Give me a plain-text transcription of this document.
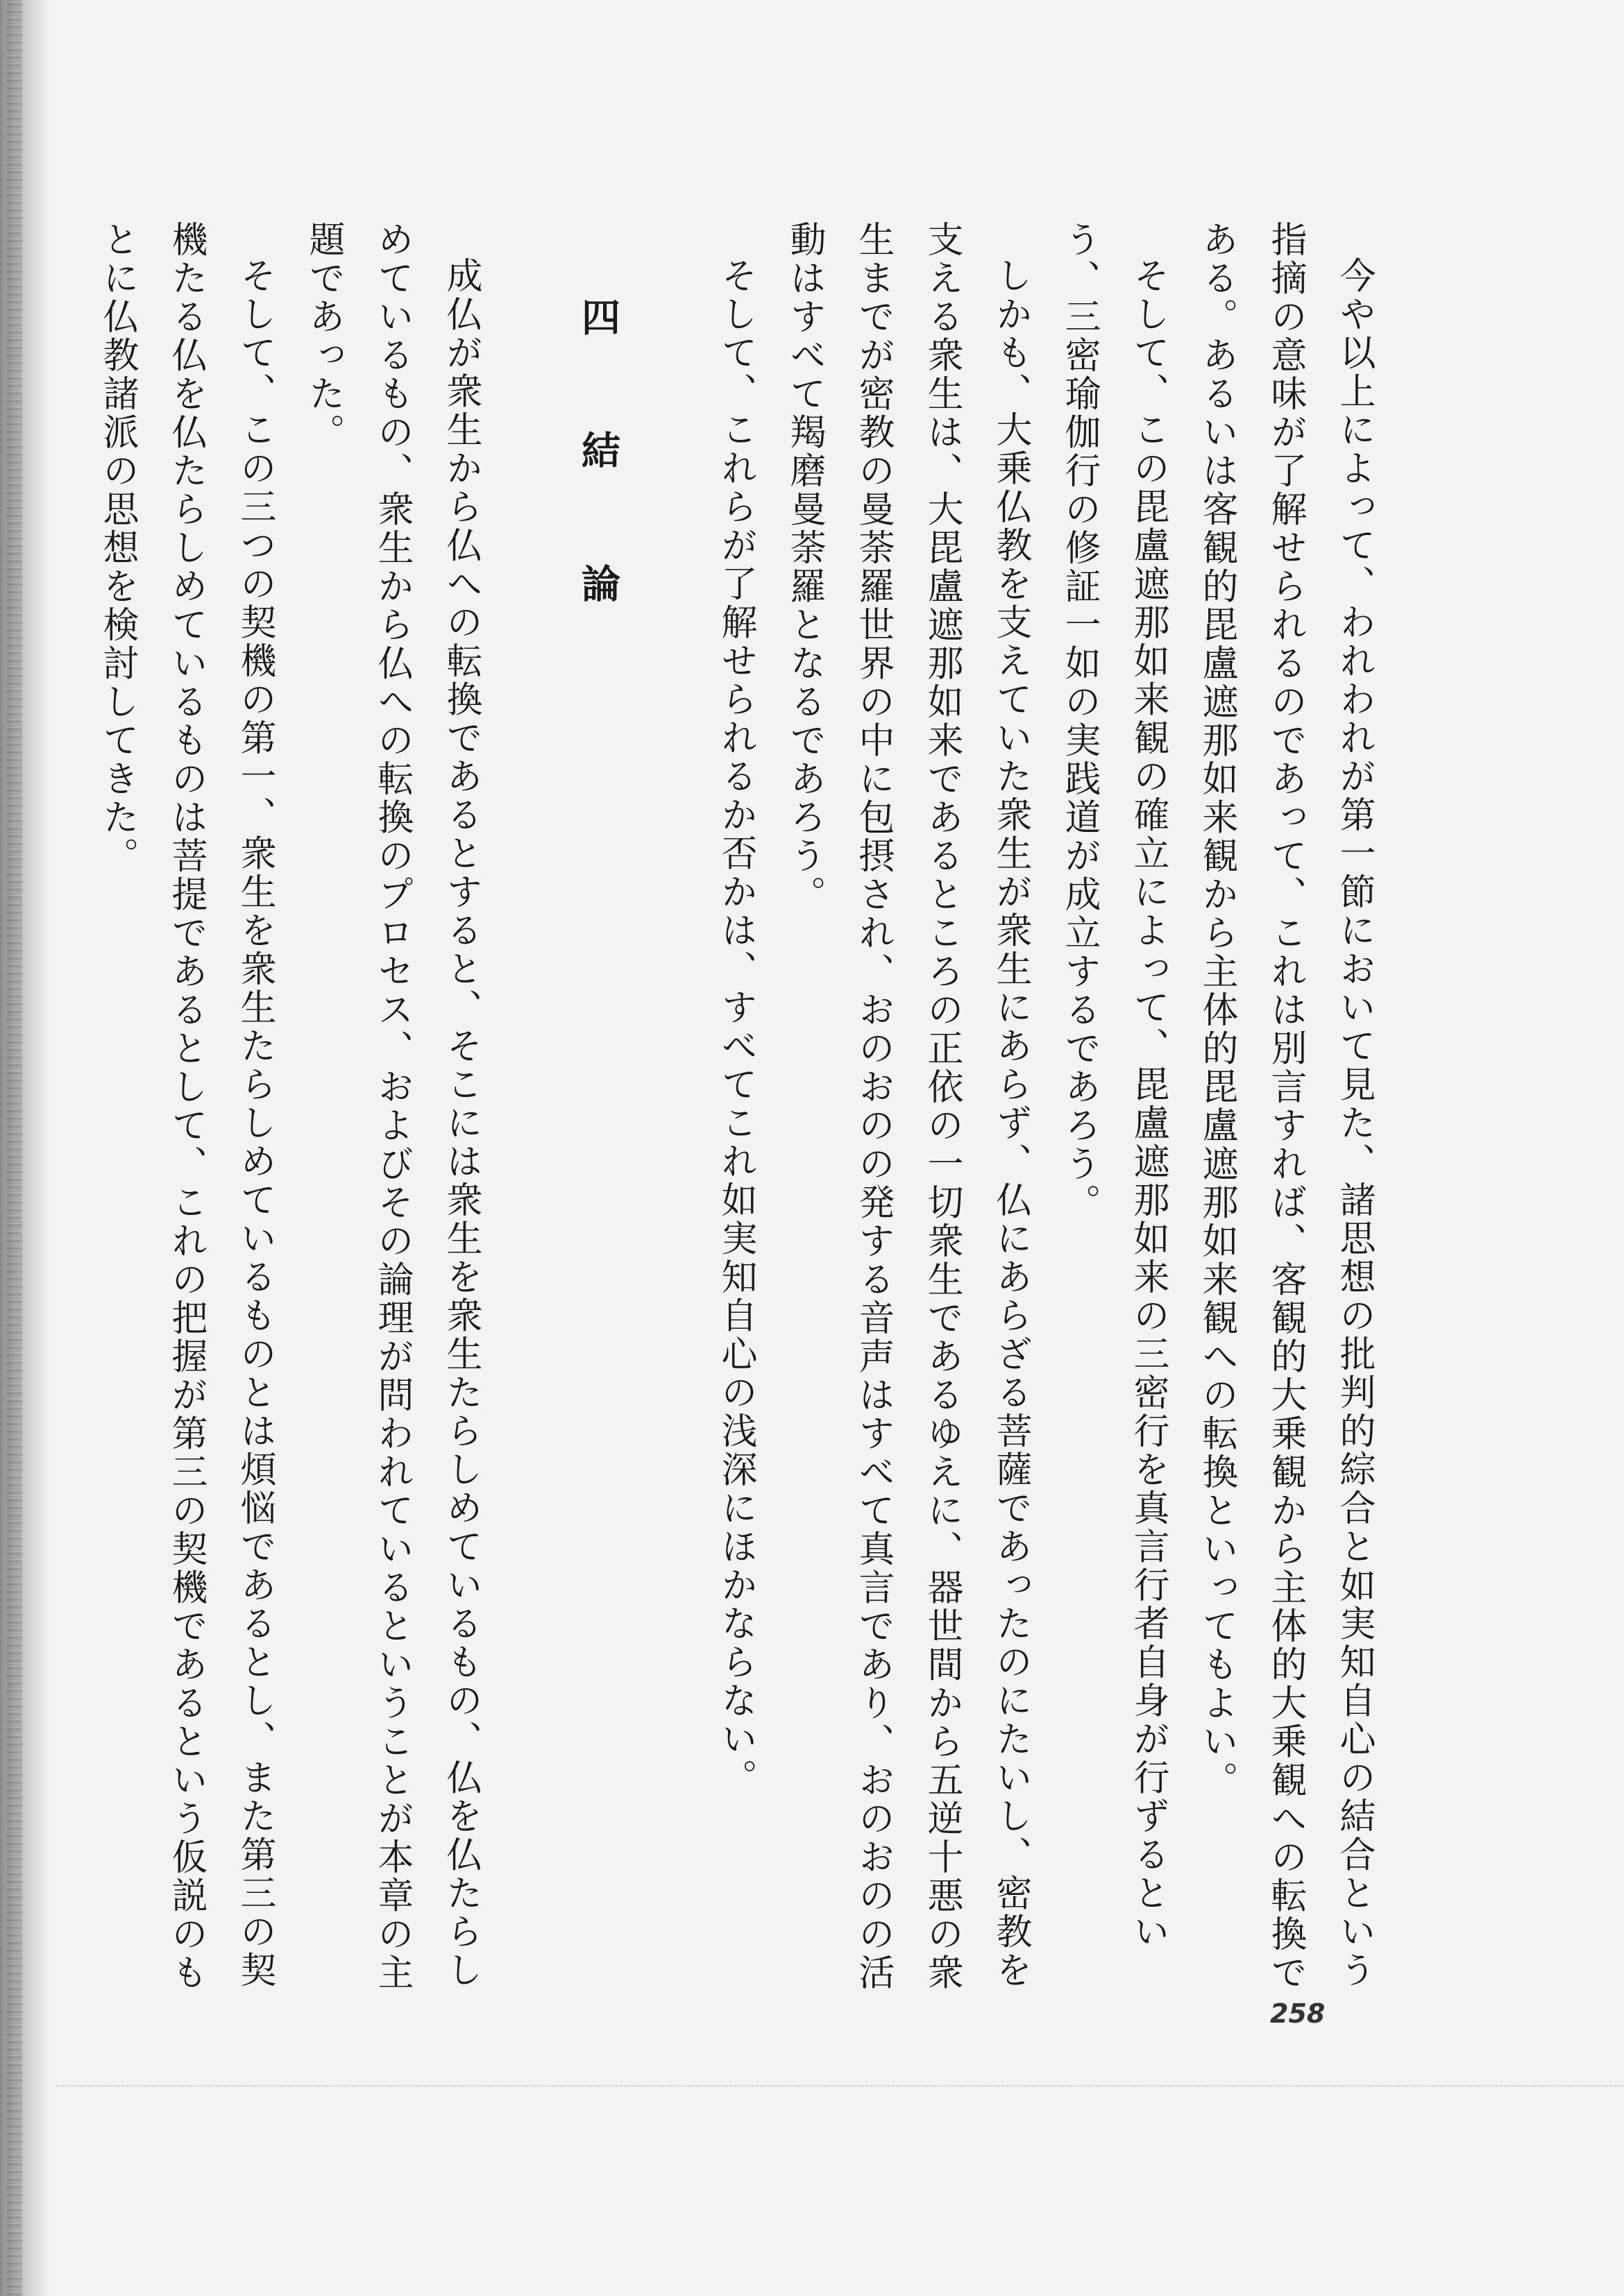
今や以上によって、われわれが第一節において見た、諸思想の批判的綜合と如実知自心の結合という指摘の意味が了解せられるのであって、これは別言すれば、客観的大乗観から主体的大乗観への転換である。あるいは客観的毘盧遮那如来観から主体的毘盧遮那如来観への転換といってもよい。

そして、この毘盧遮那如来観の確立によって、毘盧遮那如来の三密行を真言行者自身が行ずるという、三密瑜伽行の修証一如の実践道が成立するであろう。

しかも、大乗仏教を支えていた衆生が衆生にあらず、仏にあらざる菩薩であったのにたいし、密教を支える衆生は、大毘盧遮那如来であるところの正依の一切衆生であるゆえに、器世間から五逆十悪の衆生までが密教の曼荼羅世界の中に包摂され、おのおのの発する音声はすべて真言であり、おのおのの活動はすべて羯磨曼荼羅となるであろう。

そして、これらが了解せられるか否かは、すべてこれ如実知自心の浅深にほかならない。

四　結　論

成仏が衆生から仏への転換であるとすると、そこには衆生を衆生たらしめているもの、仏を仏たらしめているもの、衆生から仏への転換のプロセス、およびその論理が問われているということが本章の主題であった。

そして、この三つの契機の第一、衆生を衆生たらしめているものとは煩悩であるとし、また第三の契機たる仏を仏たらしめているものは菩提であるとして、これの把握が第三の契機であるという仮説のもとに仏教諸派の思想を検討してきた。

258
